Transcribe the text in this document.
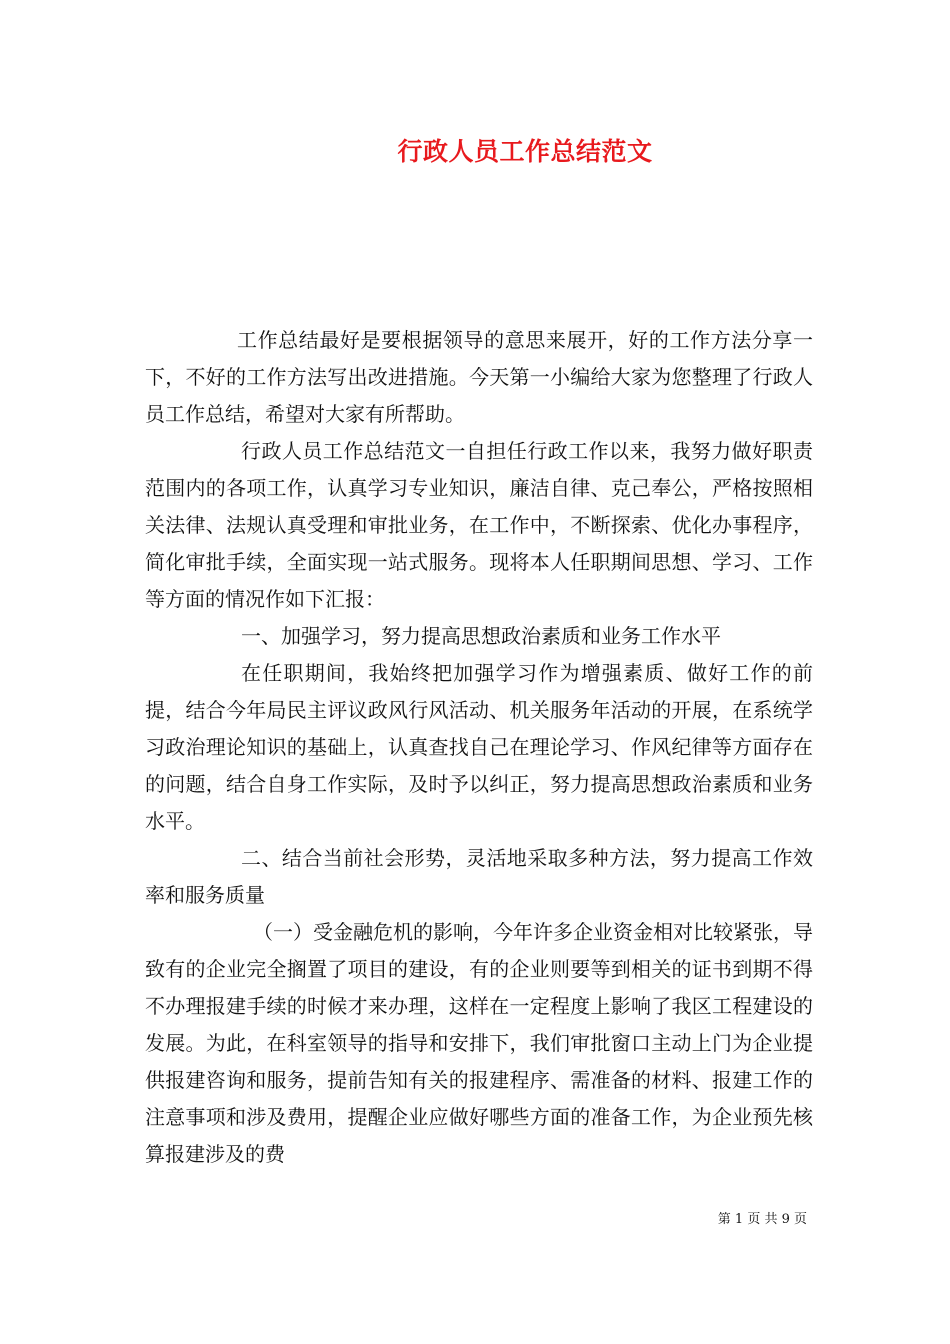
行政人员工作总结范文

工作总结最好是要根据领导的意思来展开，好的工作方法分享一下，不好的工作方法写出改进措施。今天第一小编给大家为您整理了行政人员工作总结，希望对大家有所帮助。

行政人员工作总结范文一自担任行政工作以来，我努力做好职责范围内的各项工作，认真学习专业知识，廉洁自律、克己奉公，严格按照相关法律、法规认真受理和审批业务，在工作中，不断探索、优化办事程序，简化审批手续，全面实现一站式服务。现将本人任职期间思想、学习、工作等方面的情况作如下汇报：

一、加强学习，努力提高思想政治素质和业务工作水平

在任职期间，我始终把加强学习作为增强素质、做好工作的前提，结合今年局民主评议政风行风活动、机关服务年活动的开展，在系统学习政治理论知识的基础上，认真查找自己在理论学习、作风纪律等方面存在的问题，结合自身工作实际，及时予以纠正，努力提高思想政治素质和业务水平。

二、结合当前社会形势，灵活地采取多种方法，努力提高工作效率和服务质量

（一）受金融危机的影响，今年许多企业资金相对比较紧张，导致有的企业完全搁置了项目的建设，有的企业则要等到相关的证书到期不得不办理报建手续的时候才来办理，这样在一定程度上影响了我区工程建设的发展。为此，在科室领导的指导和安排下，我们审批窗口主动上门为企业提供报建咨询和服务，提前告知有关的报建程序、需准备的材料、报建工作的注意事项和涉及费用，提醒企业应做好哪些方面的准备工作，为企业预先核算报建涉及的费

第 1 页 共 9 页
